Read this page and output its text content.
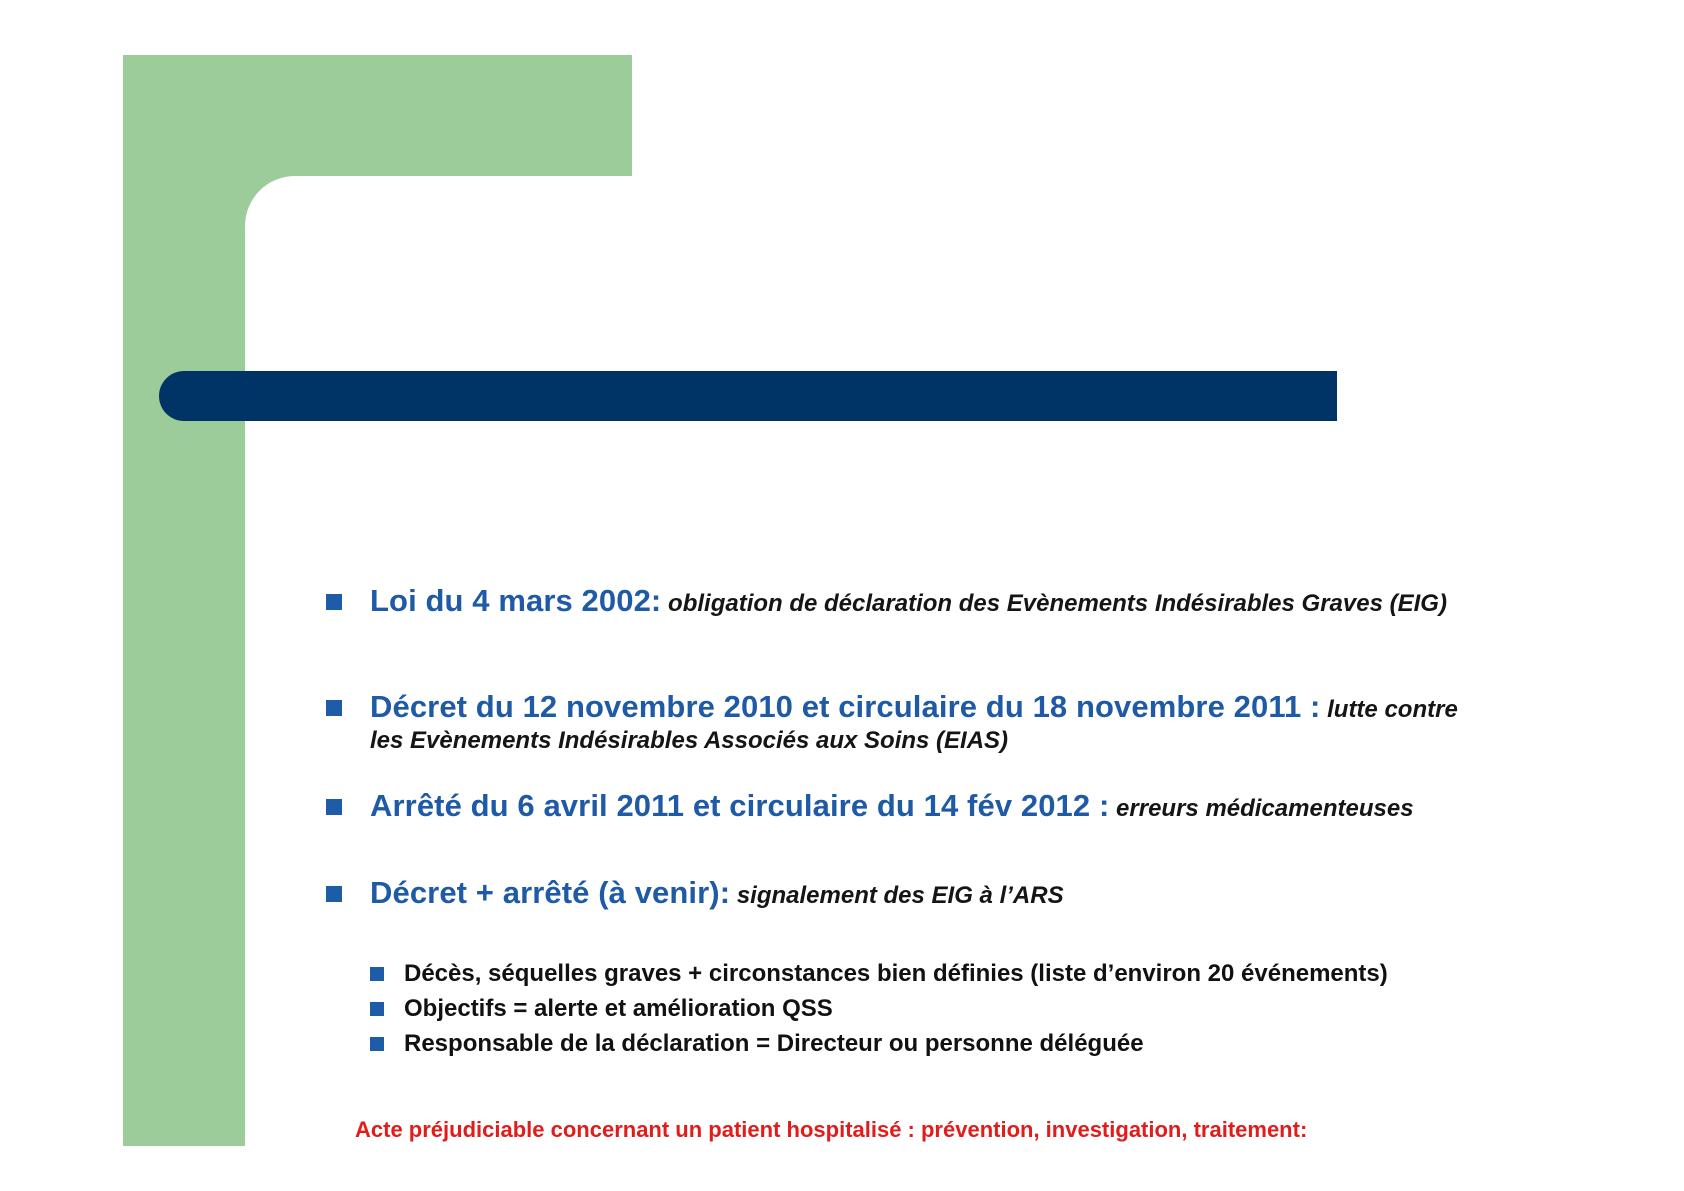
Loi du 4 mars 2002: obligation de déclaration des Evènements Indésirables Graves (EIG)
Décret du 12 novembre 2010 et circulaire du 18 novembre 2011 : lutte contre les Evènements Indésirables Associés aux Soins (EIAS)
Arrêté du 6 avril 2011 et circulaire du 14 fév 2012 : erreurs médicamenteuses
Décret + arrêté (à venir): signalement des EIG à l’ARS
Décès, séquelles graves + circonstances bien définies (liste d’environ 20 événements)
Objectifs = alerte et amélioration QSS
Responsable de la déclaration = Directeur ou personne déléguée
Acte préjudiciable concernant un patient hospitalisé : prévention, investigation, traitement:
